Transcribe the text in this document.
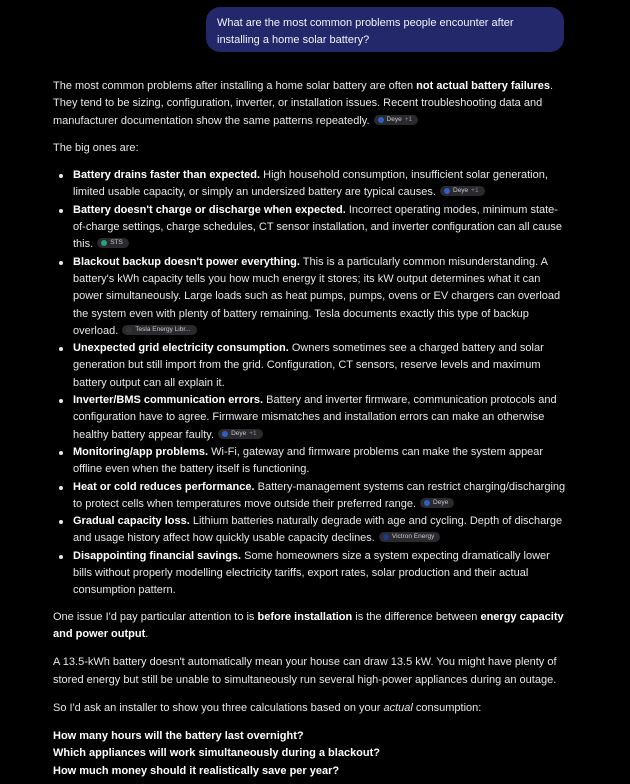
What are the most common problems people encounter after installing a home solar battery?

The most common problems after installing a home solar battery are often not actual battery failures. They tend to be sizing, configuration, inverter, or installation issues. Recent troubleshooting data and manufacturer documentation show the same patterns repeatedly.	Deye +1

The big ones are:

Battery drains faster than expected. High household consumption, insufficient solar generation, limited usable capacity, or simply an undersized battery are typical causes.	Deye +1
Battery doesn't charge or discharge when expected. Incorrect operating modes, minimum state-of-charge settings, charge schedules, CT sensor installation, and inverter configuration can all cause this.	STS
Blackout backup doesn't power everything. This is a particularly common misunderstanding. A battery's kWh capacity tells you how much energy it stores; its kW output determines what it can power simultaneously. Large loads such as heat pumps, pumps, ovens or EV chargers can overload the system even with plenty of battery remaining. Tesla documents exactly this type of backup overload.	Tesla Energy Libr...
Unexpected grid electricity consumption. Owners sometimes see a charged battery and solar generation but still import from the grid. Configuration, CT sensors, reserve levels and maximum battery output can all explain it.
Inverter/BMS communication errors. Battery and inverter firmware, communication protocols and configuration have to agree. Firmware mismatches and installation errors can make an otherwise healthy battery appear faulty.	Deye +1
Monitoring/app problems. Wi-Fi, gateway and firmware problems can make the system appear offline even when the battery itself is functioning.
Heat or cold reduces performance. Battery-management systems can restrict charging/discharging to protect cells when temperatures move outside their preferred range.	Deye
Gradual capacity loss. Lithium batteries naturally degrade with age and cycling. Depth of discharge and usage history affect how quickly usable capacity declines.	Victron Energy
Disappointing financial savings. Some homeowners size a system expecting dramatically lower bills without properly modelling electricity tariffs, export rates, solar production and their actual consumption pattern.

One issue I'd pay particular attention to is before installation is the difference between energy capacity and power output.

A 13.5-kWh battery doesn't automatically mean your house can draw 13.5 kW. You might have plenty of stored energy but still be unable to simultaneously run several high-power appliances during an outage.

So I'd ask an installer to show you three calculations based on your actual consumption:

How many hours will the battery last overnight?
Which appliances will work simultaneously during a blackout?
How much money should it realistically save per year?
